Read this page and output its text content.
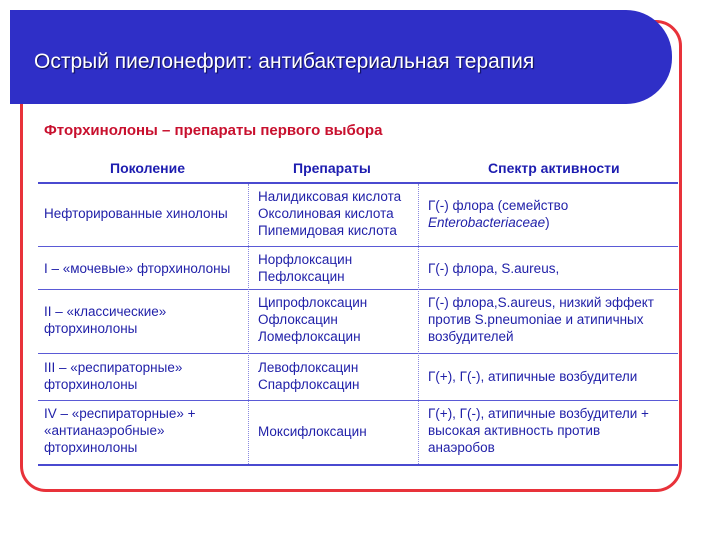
Острый пиелонефрит: антибактериальная терапия
Фторхинолоны – препараты первого выбора
Поколение	Препараты	Спектр активности
Нефторированные хинолоны
Налидиксовая кислота
Оксолиновая кислота
Пипемидовая кислота
Г(-) флора (семейство
Enterobacteriaceae)
I – «мочевые» фторхинолоны
Норфлоксацин
Пефлоксацин
Г(-) флора, S.aureus,
II – «классические»
фторхинолоны
Ципрофлоксацин
Офлоксацин
Ломефлоксацин
Г(-) флора,S.aureus, низкий эффект
против S.pneumoniae и атипичных
возбудителей
III – «респираторные»
фторхинолоны
Левофлоксацин
Спарфлоксацин
Г(+), Г(-), атипичные возбудители
IV – «респираторные» +
«антианаэробные»
фторхинолоны
Моксифлоксацин
Г(+), Г(-), атипичные возбудители +
высокая активность против
анаэробов
